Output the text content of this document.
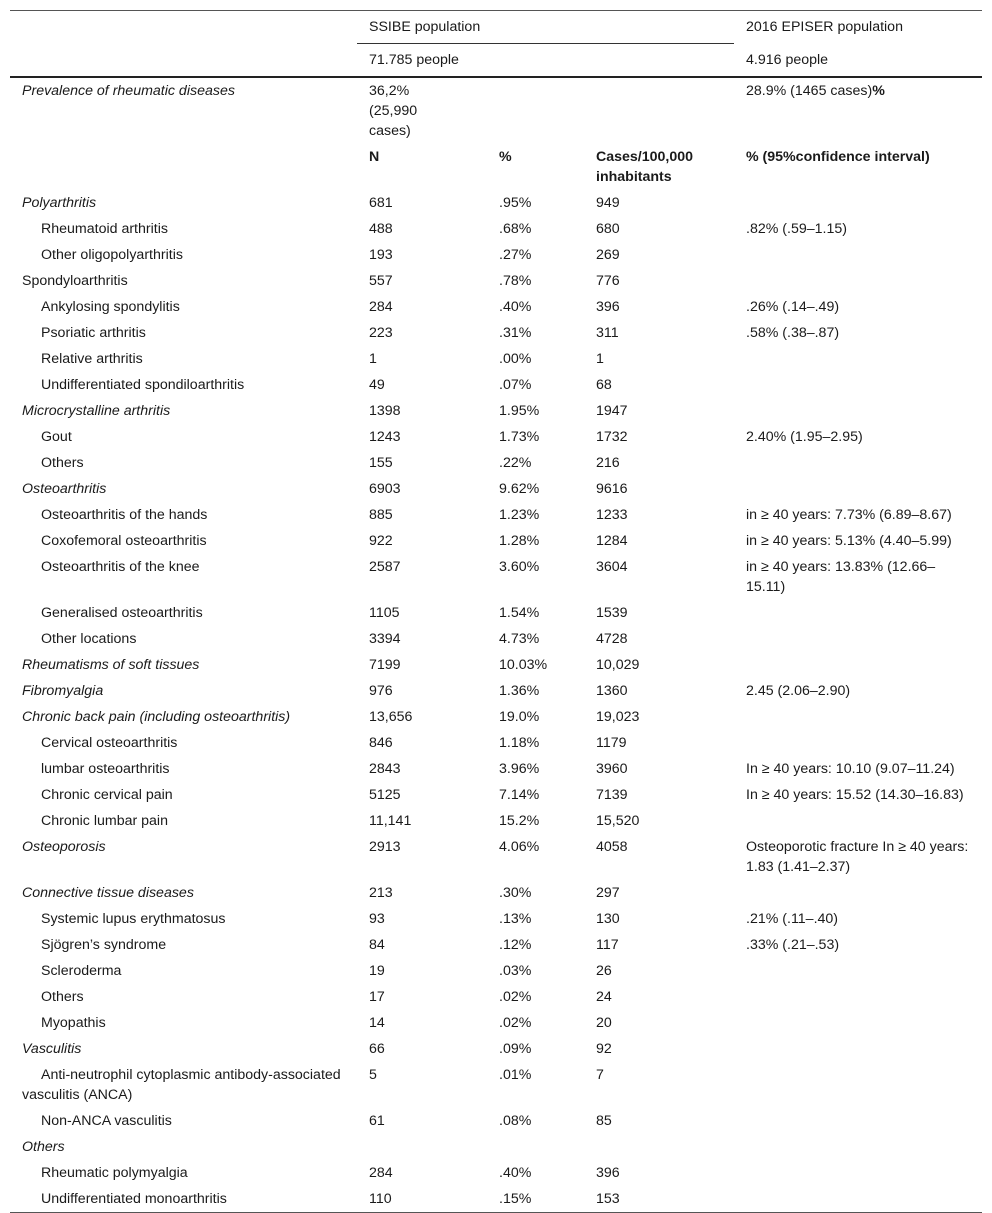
	SSIBE population			2016 EPISER population
	71.785 people			4.916 people
Prevalence of rheumatic diseases	36,2% (25,990 cases)			28.9% (1465 cases)%
	N	%	Cases/100,000 inhabitants	% (95%confidence interval)
Polyarthritis	681	.95%	949	
Rheumatoid arthritis	488	.68%	680	.82% (.59–1.15)
Other oligopolyarthritis	193	.27%	269	
Spondyloarthritis	557	.78%	776	
Ankylosing spondylitis	284	.40%	396	.26% (.14–.49)
Psoriatic arthritis	223	.31%	311	.58% (.38–.87)
Relative arthritis	1	.00%	1	
Undifferentiated spondiloarthritis	49	.07%	68	
Microcrystalline arthritis	1398	1.95%	1947	
Gout	1243	1.73%	1732	2.40% (1.95–2.95)
Others	155	.22%	216	
Osteoarthritis	6903	9.62%	9616	
Osteoarthritis of the hands	885	1.23%	1233	in ≥ 40 years: 7.73% (6.89–8.67)
Coxofemoral osteoarthritis	922	1.28%	1284	in ≥ 40 years: 5.13% (4.40–5.99)
Osteoarthritis of the knee	2587	3.60%	3604	in ≥ 40 years: 13.83% (12.66–15.11)
Generalised osteoarthritis	1105	1.54%	1539	
Other locations	3394	4.73%	4728	
Rheumatisms of soft tissues	7199	10.03%	10,029	
Fibromyalgia	976	1.36%	1360	2.45 (2.06–2.90)
Chronic back pain (including osteoarthritis)	13,656	19.0%	19,023	
Cervical osteoarthritis	846	1.18%	1179	
lumbar osteoarthritis	2843	3.96%	3960	In ≥ 40 years: 10.10 (9.07–11.24)
Chronic cervical pain	5125	7.14%	7139	In ≥ 40 years: 15.52 (14.30–16.83)
Chronic lumbar pain	11,141	15.2%	15,520	
Osteoporosis	2913	4.06%	4058	Osteoporotic fracture In ≥ 40 years: 1.83 (1.41–2.37)
Connective tissue diseases	213	.30%	297	
Systemic lupus erythmatosus	93	.13%	130	.21% (.11–.40)
Sjögren’s syndrome	84	.12%	117	.33% (.21–.53)
Scleroderma	19	.03%	26	
Others	17	.02%	24	
Myopathis	14	.02%	20	
Vasculitis	66	.09%	92	
Anti-neutrophil cytoplasmic antibody-associated vasculitis (ANCA)	5	.01%	7	
Non-ANCA vasculitis	61	.08%	85	
Others				
Rheumatic polymyalgia	284	.40%	396	
Undifferentiated monoarthritis	110	.15%	153	
